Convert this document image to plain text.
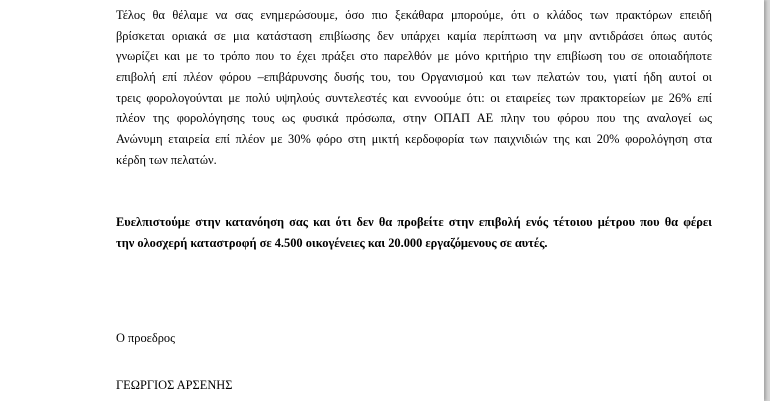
Τέλος θα θέλαμε να σας ενημερώσουμε, όσο πιο ξεκάθαρα μπορούμε, ότι ο κλάδος των πρακτόρων επειδή
βρίσκεται οριακά σε μια κατάσταση επιβίωσης δεν υπάρχει καμία περίπτωση να μην αντιδράσει όπως αυτός
γνωρίζει και με το τρόπο που το έχει πράξει στο παρελθόν με μόνο κριτήριο την επιβίωση του σε οποιαδήποτε
επιβολή επί πλέον φόρου –επιβάρυνσης δυσής του, του Οργανισμού και των πελατών του, γιατί ήδη αυτοί οι
τρεις φορολογούνται με πολύ υψηλούς συντελεστές και εννοούμε ότι: οι εταιρείες των πρακτορείων με 26% επί
πλέον της φορολόγησης τους ως φυσικά πρόσωπα, στην ΟΠΑΠ ΑΕ πλην του φόρου που της αναλογεί ως
Ανώνυμη εταιρεία επί πλέον με 30% φόρο στη μικτή κερδοφορία των παιχνιδιών της και 20% φορολόγηση στα
κέρδη των πελατών.
Ευελπιστούμε στην κατανόηση σας και ότι δεν θα προβείτε στην επιβολή ενός τέτοιου μέτρου που θα φέρει
την ολοσχερή καταστροφή σε 4.500 οικογένειες και 20.000 εργαζόμενους σε αυτές.
Ο προεδρος
ΓΕΩΡΓΙΟΣ ΑΡΣΕΝΗΣ
